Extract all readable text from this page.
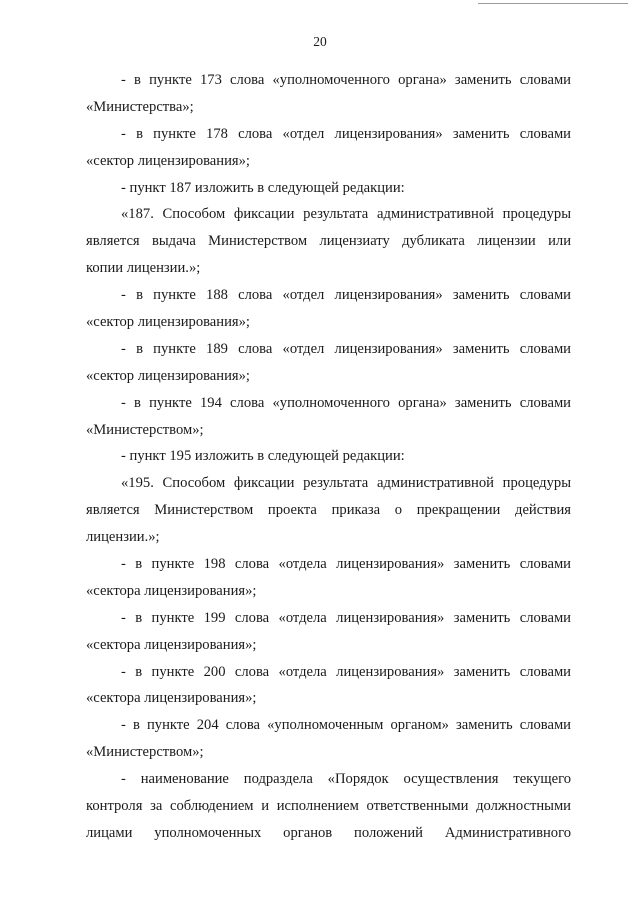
20
- в пункте 173 слова «уполномоченного органа» заменить словами
«Министерства»;
- в пункте 178 слова «отдел лицензирования» заменить словами
«сектор лицензирования»;
- пункт 187 изложить в следующей редакции:
«187. Способом фиксации результата административной процедуры
является выдача Министерством лицензиату дубликата лицензии или
копии лицензии.»;
- в пункте 188 слова «отдел лицензирования» заменить словами
«сектор лицензирования»;
- в пункте 189 слова «отдел лицензирования» заменить словами
«сектор лицензирования»;
- в пункте 194 слова «уполномоченного органа» заменить словами
«Министерством»;
- пункт 195 изложить в следующей редакции:
«195. Способом фиксации результата административной процедуры
является Министерством проекта приказа о прекращении действия
лицензии.»;
- в пункте 198 слова «отдела лицензирования» заменить словами
«сектора лицензирования»;
- в пункте 199 слова «отдела лицензирования» заменить словами
«сектора лицензирования»;
- в пункте 200 слова «отдела лицензирования» заменить словами
«сектора лицензирования»;
- в пункте 204 слова «уполномоченным органом» заменить словами
«Министерством»;
- наименование подраздела «Порядок осуществления текущего
контроля за соблюдением и исполнением ответственными должностными
лицами уполномоченных органов положений Административного
